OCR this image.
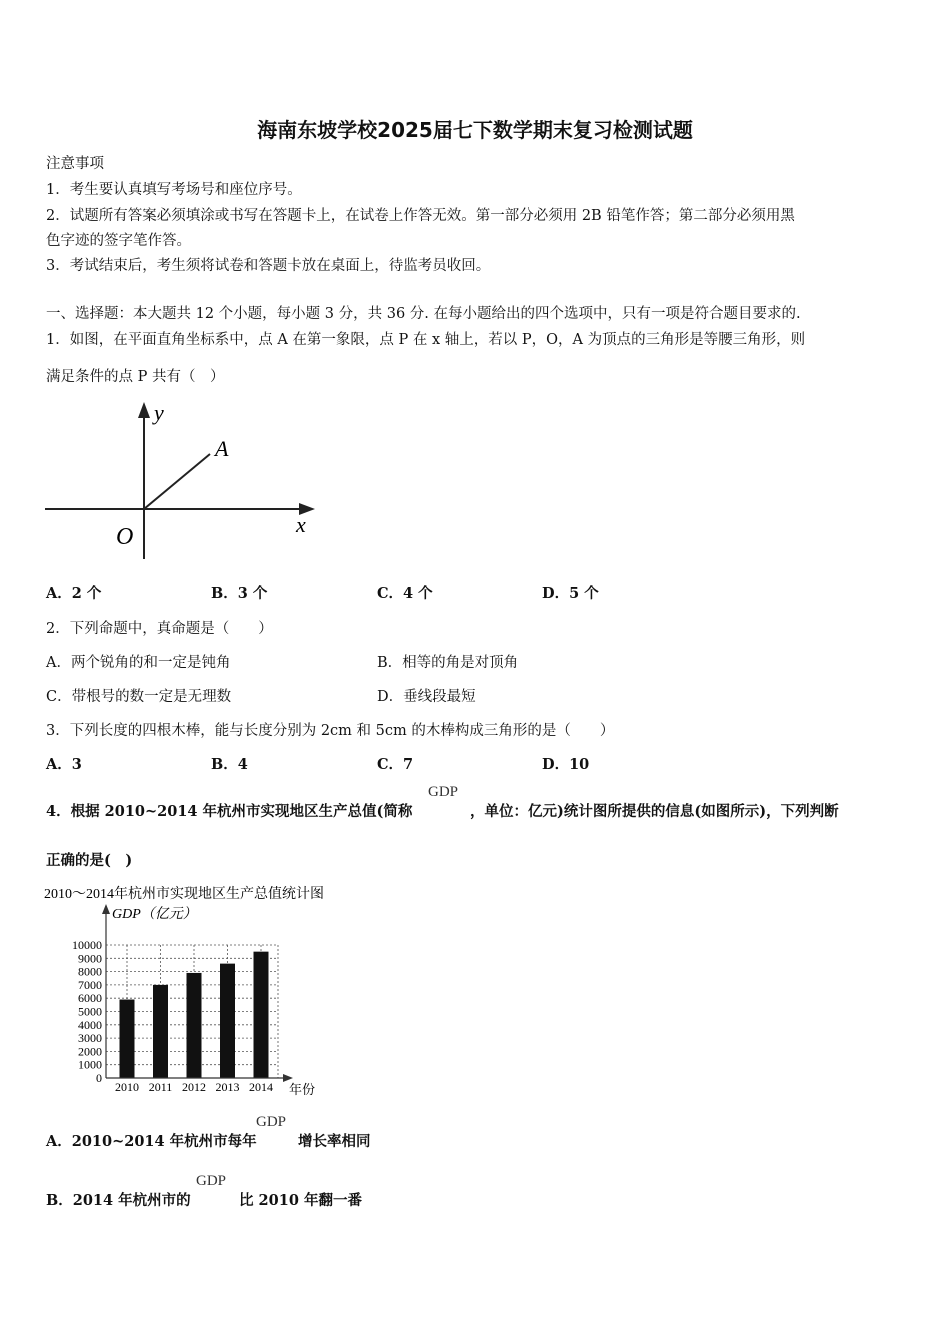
海南东坡学校2025届七下数学期末复习检测试题
注意事项
1．考生要认真填写考场号和座位序号。
2．试题所有答案必须填涂或书写在答题卡上，在试卷上作答无效。第一部分必须用 2B 铅笔作答；第二部分必须用黑
色字迹的签字笔作答。
3．考试结束后，考生须将试卷和答题卡放在桌面上，待监考员收回。
一、选择题：本大题共 12 个小题，每小题 3 分，共 36 分. 在每小题给出的四个选项中，只有一项是符合题目要求的.
1．如图，在平面直角坐标系中，点 A 在第一象限，点 P 在 x 轴上，若以 P，O，A 为顶点的三角形是等腰三角形，则
满足条件的点 P 共有（　）
y
x
O
A
A．2 个	B．3 个	C．4 个	D．5 个
2．下列命题中，真命题是（　　）
A．两个锐角的和一定是钝角	B．相等的角是对顶角
C．带根号的数一定是无理数	D．垂线段最短
3．下列长度的四根木棒，能与长度分别为 2cm 和 5cm 的木棒构成三角形的是（　　）
A．3	B．4	C．7	D．10
4．根据 2010~2014 年杭州市实现地区生产总值(简称
GDP
，单位：亿元)统计图所提供的信息(如图所示)，下列判断
正确的是(　)
2010～2014年杭州市实现地区生产总值统计图
GDP（亿元）
年份
0
1000
2000
3000
4000
5000
6000
7000
8000
9000
10000
2010 2011 2012 2013 2014
A．2010~2014 年杭州市每年
GDP
增长率相同
B．2014 年杭州市的
GDP
比 2010 年翻一番
